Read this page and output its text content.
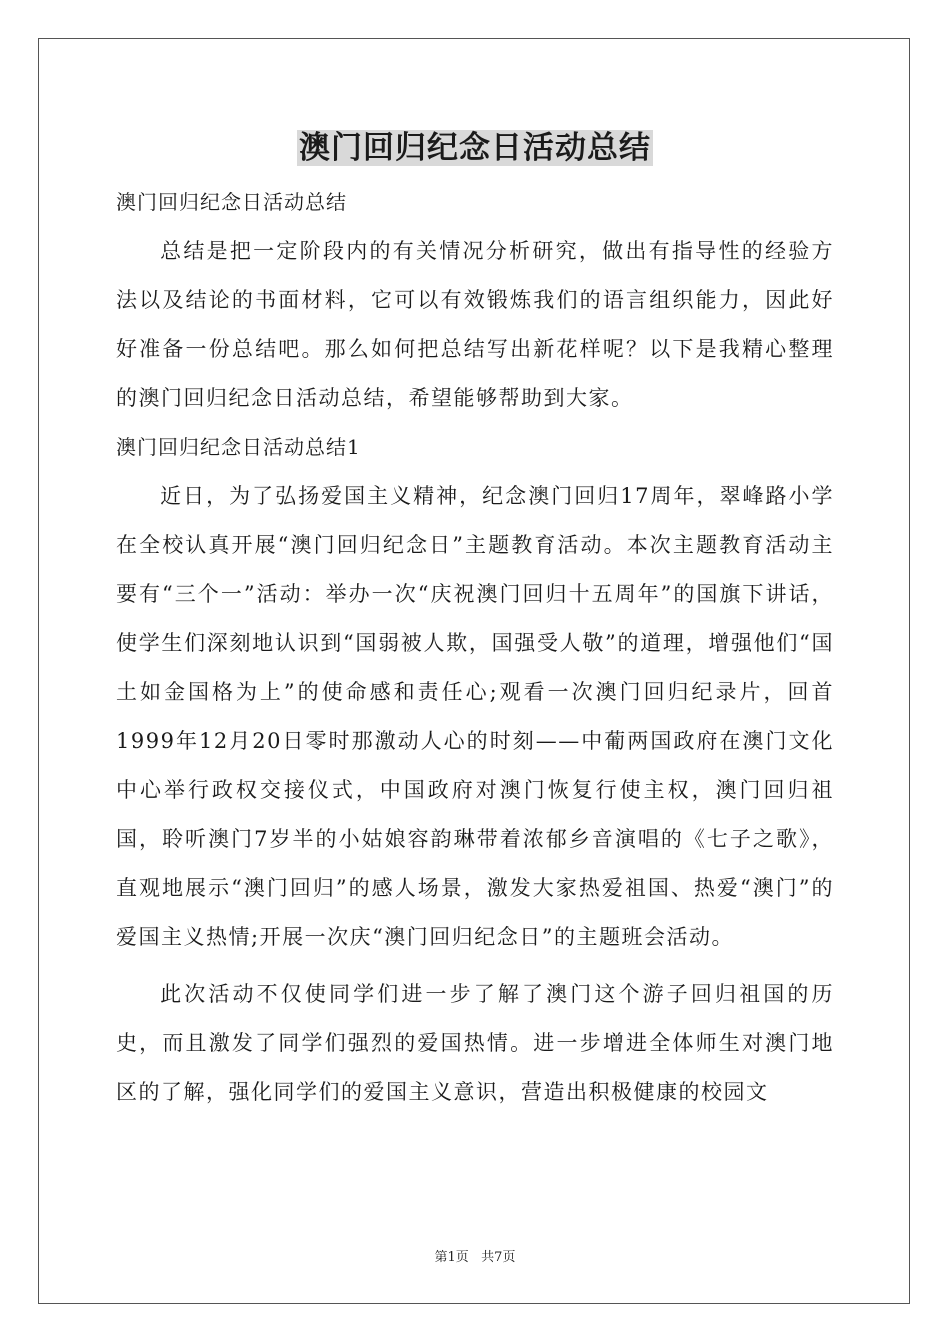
澳门回归纪念日活动总结

澳门回归纪念日活动总结

总结是把一定阶段内的有关情况分析研究，做出有指导性的经验方法以及结论的书面材料，它可以有效锻炼我们的语言组织能力，因此好好准备一份总结吧。那么如何把总结写出新花样呢？以下是我精心整理的澳门回归纪念日活动总结，希望能够帮助到大家。

澳门回归纪念日活动总结1

近日，为了弘扬爱国主义精神，纪念澳门回归17周年，翠峰路小学在全校认真开展“澳门回归纪念日”主题教育活动。本次主题教育活动主要有“三个一”活动：举办一次“庆祝澳门回归十五周年”的国旗下讲话，使学生们深刻地认识到“国弱被人欺，国强受人敬”的道理，增强他们“国土如金国格为上”的使命感和责任心;观看一次澳门回归纪录片，回首1999年12月20日零时那激动人心的时刻——中葡两国政府在澳门文化中心举行政权交接仪式，中国政府对澳门恢复行使主权，澳门回归祖国，聆听澳门7岁半的小姑娘容韵琳带着浓郁乡音演唱的《七子之歌》，直观地展示“澳门回归”的感人场景，激发大家热爱祖国、热爱“澳门”的爱国主义热情;开展一次庆“澳门回归纪念日”的主题班会活动。

此次活动不仅使同学们进一步了解了澳门这个游子回归祖国的历史，而且激发了同学们强烈的爱国热情。进一步增进全体师生对澳门地区的了解，强化同学们的爱国主义意识，营造出积极健康的校园文

第1页   共7页
